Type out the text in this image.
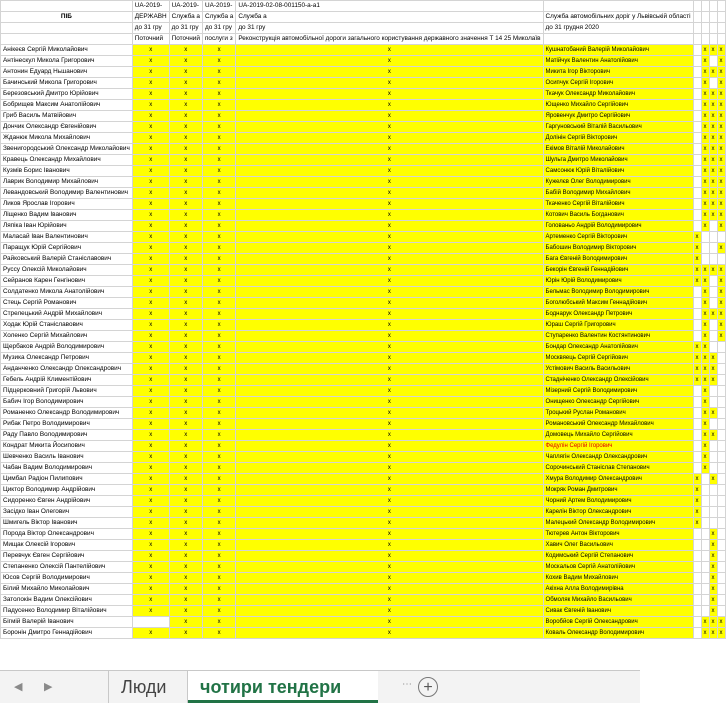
	UA-2019-	UA-2019-	UA-2019-	UA-2019-02-08-001150-a-a1					
ПІБ	ДЕРЖАВН	Служба а	Служба а	Служба а	Служба автомобільних доріг у Львівській області				
	до 31 гру	до 31 гру	до 31 гру	до 31 гру	до 31 грудня 2020				
	Поточний	Поточний	послуги з	Реконструкція автомобільної дороги загального користування державного значення Т 14 25 Миколаїв					
Анікеєв Сергій Миколайович	x	x	x	x	Кушнатобаний Валерій Миколайович		x	x	x
Антінескул Микола Григорович	x	x	x	x	Матійчук Валентин Анатолійович		x		x
Антонин Едуард Ньшанович	x	x	x	x	Микита Ігор Вікторович		x	x	x
Бачинський Микола Григорович	x	x	x	x	Осипчук Сергій Ігорович		x		x
Березовський Дмитро Юрійович	x	x	x	x	Ткачук Олександр Миколайович		x	x	x
Бобрищев Максим Анатолійович	x	x	x	x	Ющенко Михайло Сергійович		x	x	x
Гриб Василь Матвійович	x	x	x	x	Яровенчук Дмитро Сергійович		x	x	x
Дончик Олександр Євгенійович	x	x	x	x	Гаргуновський Віталій Васильович		x	x	x
Жданюк Микола Михайлович	x	x	x	x	Долінін Сергій Вікторович		x	x	x
Звенигородський Олександр Миколайович	x	x	x	x	Екімов Віталій Миколайович		x	x	x
Кравець Олександр Михайлович	x	x	x	x	Шульга Дмитро Миколайович		x	x	x
Кузмів Борис Іванович	x	x	x	x	Самсонюк Юрій Віталійович		x	x	x
Лаврик Володимир Михайлович	x	x	x	x	Кужелєв Олег Володимирович		x	x	x
Левандовський Володимир Валентинович	x	x	x	x	Бабій Володимир Михайлович		x	x	x
Ликов Ярослав Ігорович	x	x	x	x	Ткаченко Сергій Віталійович		x	x	x
Ліщенко Вадим Іванович	x	x	x	x	Котович Василь Богданович		x	x	x
Ляпіка Іван Юрійович	x	x	x	x	Голованьо Андрій Володимирович		x		x
Маласай Іван Валентинович	x	x	x	x	Артеменко Сергій Вікторович	x			
Паращук Юрій Сергійович	x	x	x	x	Бабошин Володимир Вікторович	x			x
Райковський Валерій Станіславович	x	x	x	x	Бага Євгеній Володимирович	x			
Руссу Олексій Миколайович	x	x	x	x	Бекорін Євгеній Геннадійович	x	x	x	x
Сейранов Карен Генгінович	x	x	x	x	Юрін Юрій Володимирович	x	x		x
Солдатенко Микола Анатолійович	x	x	x	x	Бельмас Володимир Володимирович		x		x
Стець Сергій Романович	x	x	x	x	Боголюбський Максим Геннадійович		x		x
Стрелецький Андрій Михайлович	x	x	x	x	Боднарук Олександр Петрович		x	x	x
Ходак Юрій Станіславович	x	x	x	x	Юраш Сергій Григорович		x		x
Холенко Сергій Михайлович	x	x	x	x	Ступаренко Валентин Костянтинович		x		x
Щербаков Андрій Володимирович	x	x	x	x	Бондар Олександр Анатолійович	x	x		
Музика Олександр Петрович	x	x	x	x	Москвяець Сергій Сергійович	x	x	x	
Анданченко Олександр Олександрович	x	x	x	x	Устімович Василь Васильович	x	x	x	
Гебель Андрій Климентійович	x	x	x	x	Стадніченко Олександр Олексійович	x	x	x	
Підцерковний Григорій Львович	x	x	x	x	Мізерний Сергій Володимирович		x		
Бабич Ігор Володимирович	x	x	x	x	Онищенко Олександр Сергійович		x		
Романенко Олександр Володимирович	x	x	x	x	Троцький Руслан Романович		x	x	
Рибак Петро Володимирович	x	x	x	x	Романовський Олександр Михайлович		x		
Раду Павло Володимирович	x	x	x	x	Домовець Михайло Сергійович		x	x	
Кондрат Микита Йосипович	x	x	x	x	Федулін Сергій Ігорович		x		
Шевченко Василь Іванович	x	x	x	x	Чаплягін Олександр Олександрович		x		
Чабан Вадим Володимирович	x	x	x	x	Сорочинський Станіслав Степанович		x		
Цимбал Радіон Пилипович	x	x	x	x	Хмура Володимир Олександрович	x		x	
Циктор Володимир Андрійович	x	x	x	x	Мокряк Роман Дмитрович	x			
Сидоренко Євген Андрійович	x	x	x	x	Чорний Артем Володимирович	x			
Засідко Іван Олегович	x	x	x	x	Карелін Віктор Олександрович	x			
Шмигель Віктор Іванович	x	x	x	x	Малецький Олександр Володимирович	x			
Порода Віктор Олександрович	x	x	x	x	Тютерев Антон Вікторович			x	
Мищак Олексій Ігорович	x	x	x	x	Хавич Олег Васильович			x	
Перевчук Євген Сергійович	x	x	x	x	Кодимський Сергій Степанович			x	
Степаненко Олексій Пантелійович	x	x	x	x	Москальов Сергій Анатолійович			x	
Юсов Сергій Володимирович	x	x	x	x	Кохив Вадим Михайлович			x	
Білий Михайло Миколайович	x	x	x	x	Акіхна Алла Володимирівна			x	
Затолокін Вадим Олексійович	x	x	x	x	Обмоляк Михайло Васильович			x	
Падусенко Володимир Віталійович	x	x	x	x	Сивак Євгеній Іванович			x	
Бігмій Валерій Іванович		x	x	x	Воробйов Сергій Олександрович		x	x	x
Боронін Дмитро Геннадійович	x	x	x	x	Коваль Олександр Володимирович		x	x	x
◀ ▶	Люди	чотири тендери	⋯ +
